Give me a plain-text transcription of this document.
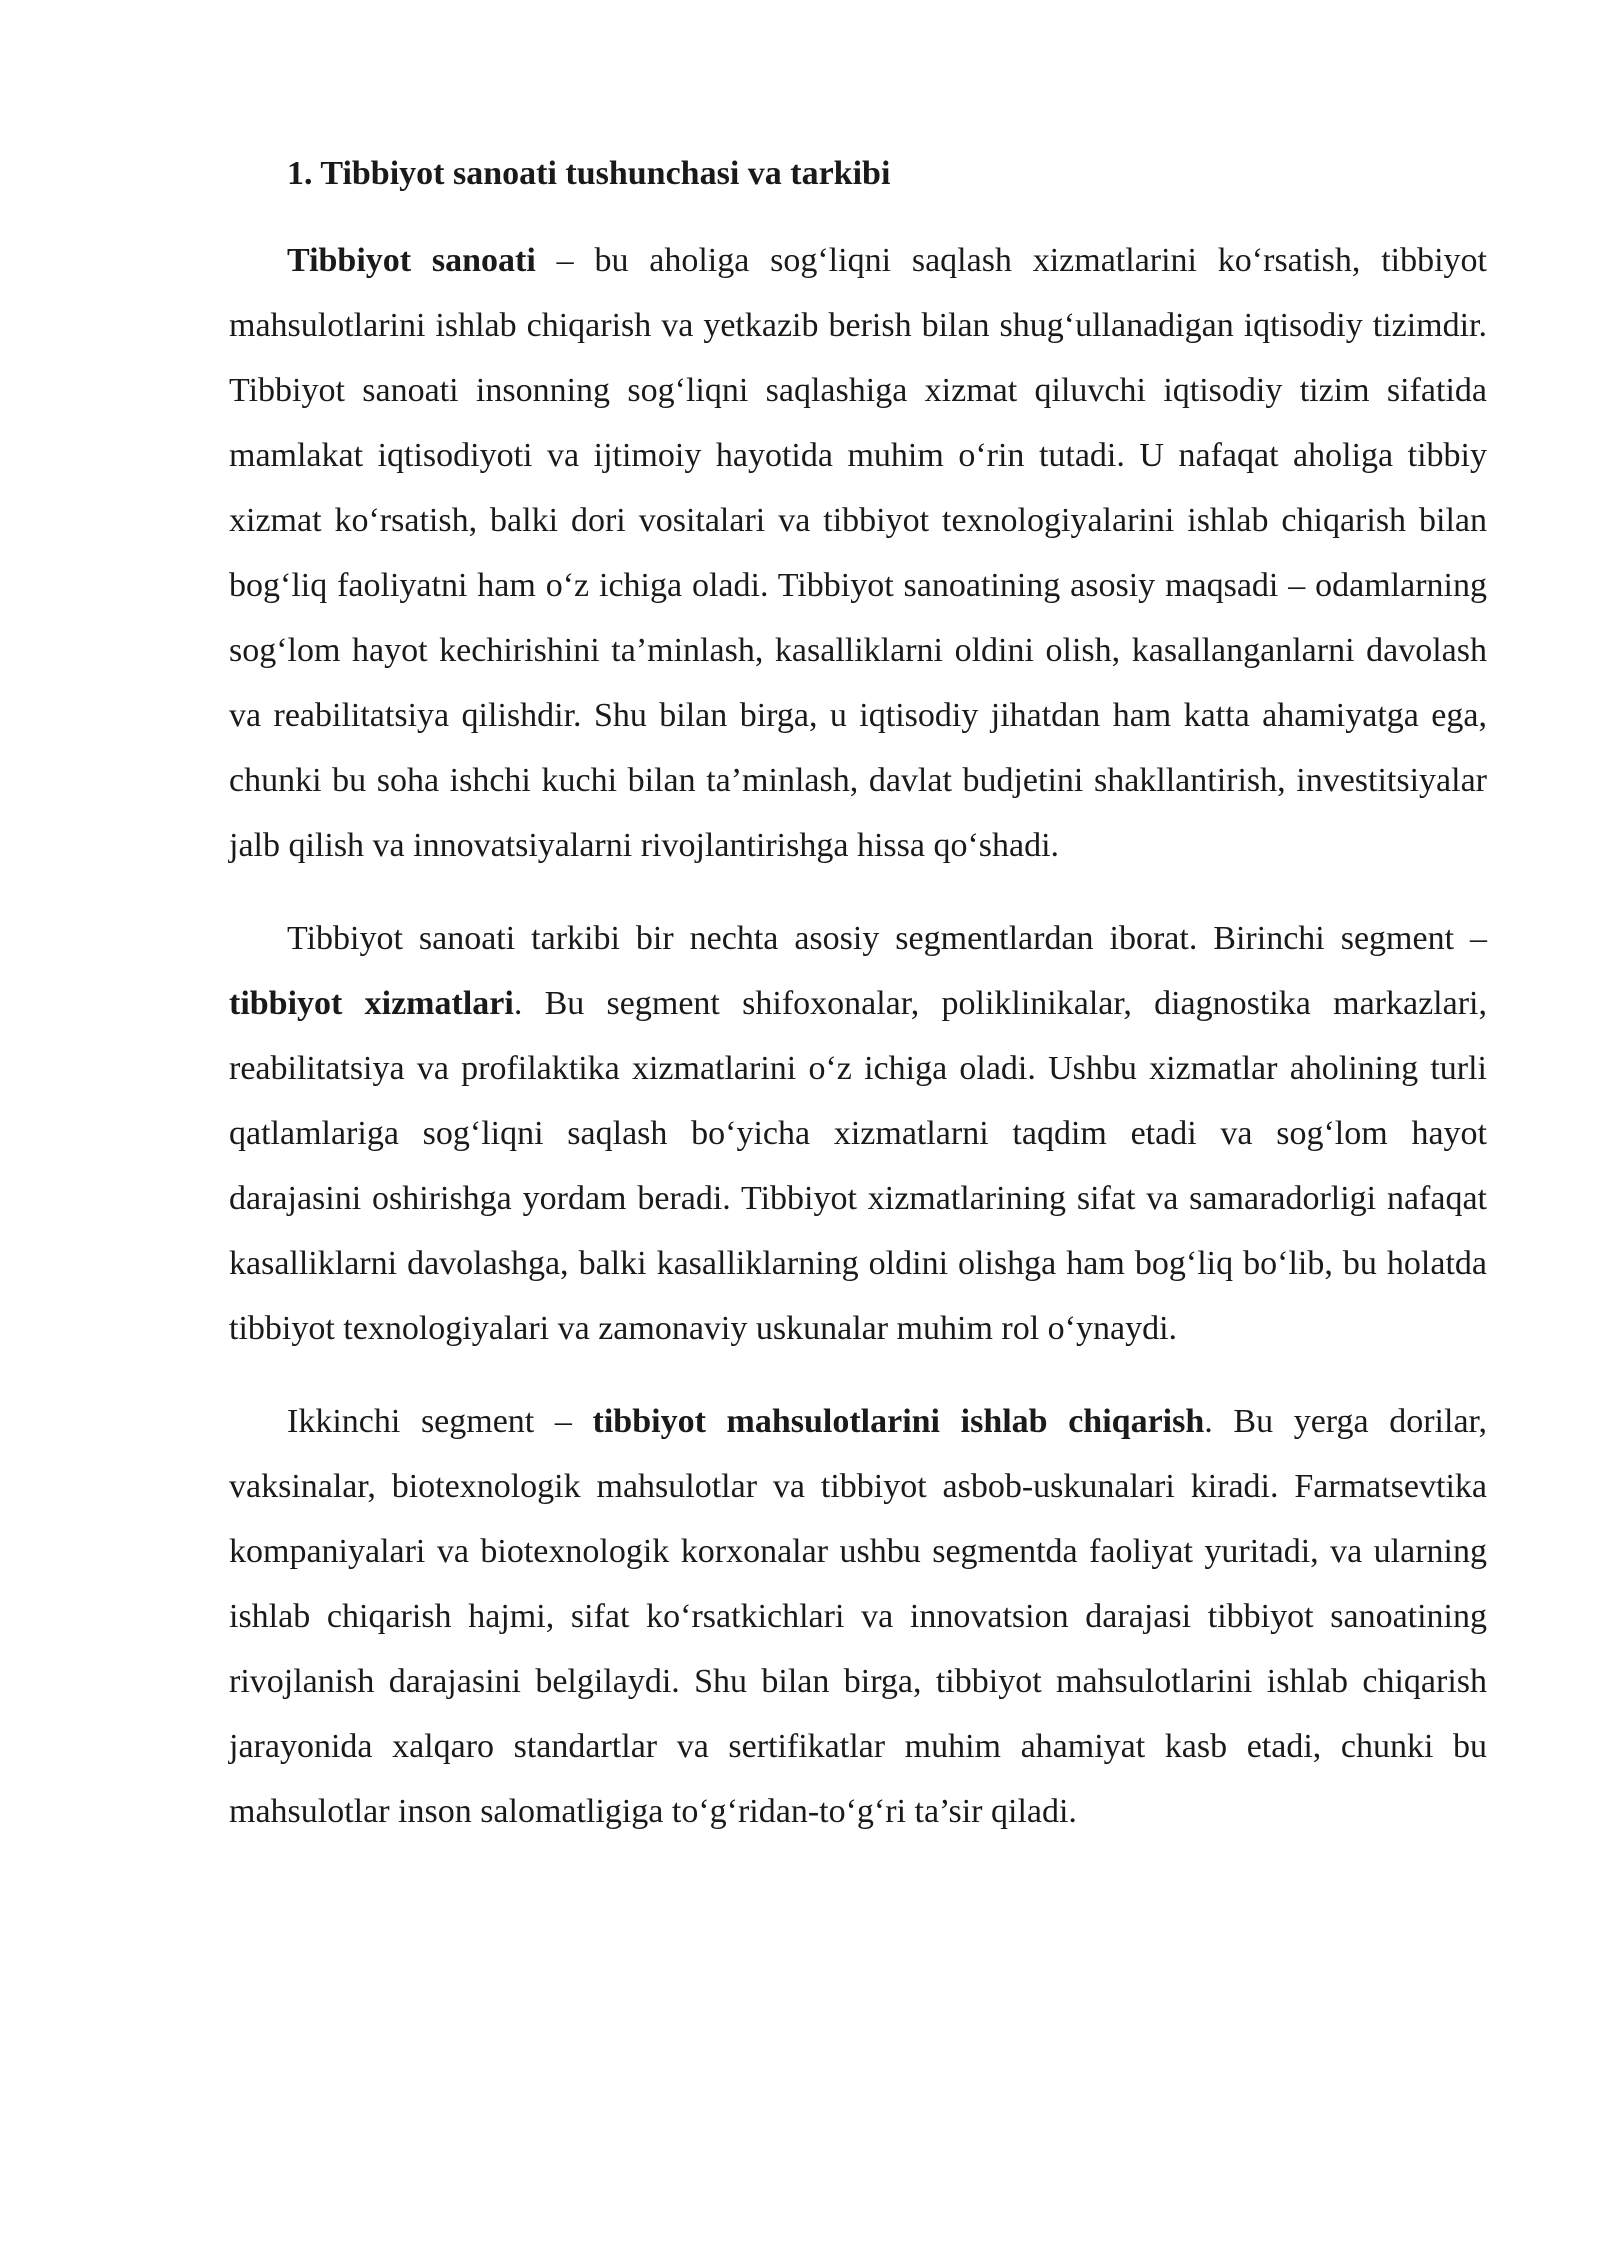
1. Tibbiyot sanoati tushunchasi va tarkibi

Tibbiyot sanoati – bu aholiga sog‘liqni saqlash xizmatlarini ko‘rsatish, tibbiyot mahsulotlarini ishlab chiqarish va yetkazib berish bilan shug‘ullanadigan iqtisodiy tizimdir. Tibbiyot sanoati insonning sog‘liqni saqlashiga xizmat qiluvchi iqtisodiy tizim sifatida mamlakat iqtisodiyoti va ijtimoiy hayotida muhim o‘rin tutadi. U nafaqat aholiga tibbiy xizmat ko‘rsatish, balki dori vositalari va tibbiyot texnologiyalarini ishlab chiqarish bilan bog‘liq faoliyatni ham o‘z ichiga oladi. Tibbiyot sanoatining asosiy maqsadi – odamlarning sog‘lom hayot kechirishini ta’minlash, kasalliklarni oldini olish, kasallanganlarni davolash va reabilitatsiya qilishdir. Shu bilan birga, u iqtisodiy jihatdan ham katta ahamiyatga ega, chunki bu soha ishchi kuchi bilan ta’minlash, davlat budjetini shakllantirish, investitsiyalar jalb qilish va innovatsiyalarni rivojlantirishga hissa qo‘shadi.

Tibbiyot sanoati tarkibi bir nechta asosiy segmentlardan iborat. Birinchi segment – tibbiyot xizmatlari. Bu segment shifoxonalar, poliklinikalar, diagnostika markazlari, reabilitatsiya va profilaktika xizmatlarini o‘z ichiga oladi. Ushbu xizmatlar aholining turli qatlamlariga sog‘liqni saqlash bo‘yicha xizmatlarni taqdim etadi va sog‘lom hayot darajasini oshirishga yordam beradi. Tibbiyot xizmatlarining sifat va samaradorligi nafaqat kasalliklarni davolashga, balki kasalliklarning oldini olishga ham bog‘liq bo‘lib, bu holatda tibbiyot texnologiyalari va zamonaviy uskunalar muhim rol o‘ynaydi.

Ikkinchi segment – tibbiyot mahsulotlarini ishlab chiqarish. Bu yerga dorilar, vaksinalar, biotexnologik mahsulotlar va tibbiyot asbob-uskunalari kiradi. Farmatsevtika kompaniyalari va biotexnologik korxonalar ushbu segmentda faoliyat yuritadi, va ularning ishlab chiqarish hajmi, sifat ko‘rsatkichlari va innovatsion darajasi tibbiyot sanoatining rivojlanish darajasini belgilaydi. Shu bilan birga, tibbiyot mahsulotlarini ishlab chiqarish jarayonida xalqaro standartlar va sertifikatlar muhim ahamiyat kasb etadi, chunki bu mahsulotlar inson salomatligiga to‘g‘ridan-to‘g‘ri ta’sir qiladi.
